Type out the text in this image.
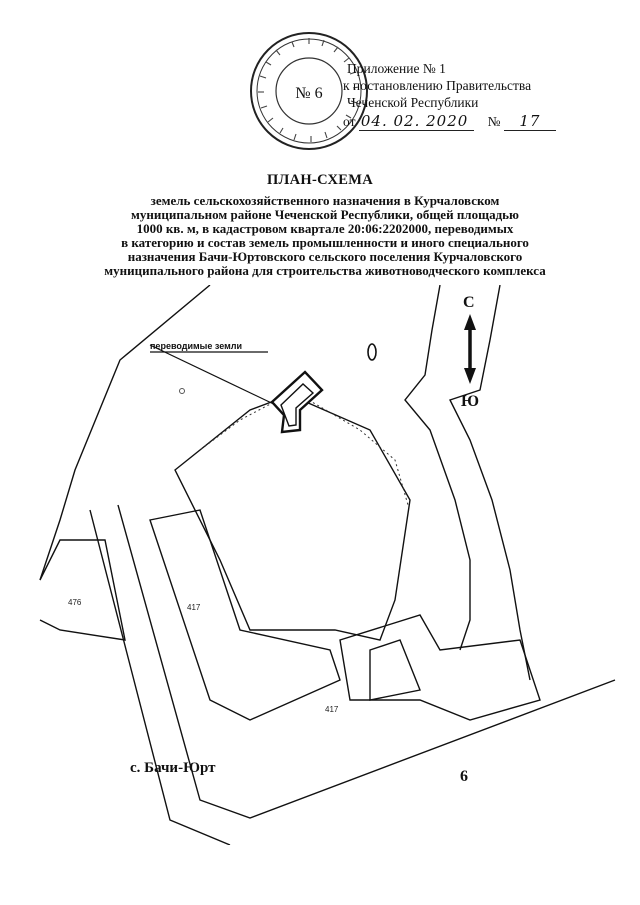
№ 6
Приложение № 1
к постановлению Правительства
Чеченской Республики
от 04. 02. 2020 № 17
ПЛАН-СХЕМА
земель сельскохозяйственного назначения в Курчаловском
муниципальном районе Чеченской Республики, общей площадью
1000 кв. м, в кадастровом квартале 20:06:2202000, переводимых
в категорию и состав земель промышленности и иного специального
назначения Бачи-Юртовского сельского поселения Курчаловского
муниципального района для строительства животноводческого комплекса
переводимые земли
С
Ю
476
417
417
с. Бачи-Юрт	6
